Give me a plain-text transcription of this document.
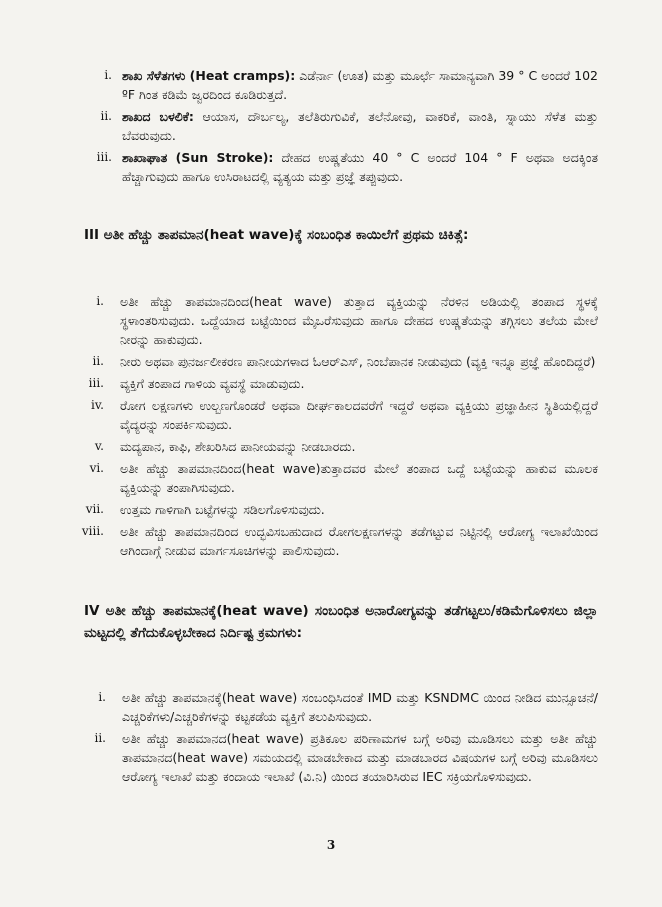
i. ಶಾಖ ಸೆಳೆತಗಳು (Heat cramps): ಎಡೆರ್ನಾ (ಊತ) ಮತ್ತು ಮೂರ್ಛೆ ಸಾಮಾನ್ಯವಾಗಿ 39 ° C ಅಂದರೆ 102 ºF ಗಿಂತ ಕಡಿಮೆ ಜ್ವರದಿಂದ ಕೂಡಿರುತ್ತದೆ.
ii. ಶಾಖದ ಬಳಲಿಕೆ: ಆಯಾಸ, ದೌರ್ಬಲ್ಯ, ತಲೆತಿರುಗುವಿಕೆ, ತಲೆನೋವು, ವಾಕರಿಕೆ, ವಾಂತಿ, ಸ್ನಾಯು ಸೆಳೆತ ಮತ್ತು ಬೆವರುವುದು.
iii. ಶಾಖಾಘಾತ (Sun Stroke): ದೇಹದ ಉಷ್ಣತೆಯು 40 ° C ಅಂದರೆ 104 ° F ಅಥವಾ ಅದಕ್ಕಿಂತ ಹೆಚ್ಚಾಗುವುದು ಹಾಗೂ ಉಸಿರಾಟದಲ್ಲಿ ವ್ಯತ್ಯಯ ಮತ್ತು ಪ್ರಜ್ಞೆ ತಪ್ಪುವುದು.
III ಅತೀ ಹೆಚ್ಚು ತಾಪಮಾನ(heat wave)ಕ್ಕೆ ಸಂಬಂಧಿತ ಕಾಯಿಲೆಗೆ ಪ್ರಥಮ ಚಿಕಿತ್ಸೆ:
i. ಅತೀ ಹೆಚ್ಚು ತಾಪಮಾನದಿಂದ(heat wave) ತುತ್ತಾದ ವ್ಯಕ್ತಿಯನ್ನು ನೆರಳಿನ ಅಡಿಯಲ್ಲಿ ತಂಪಾದ ಸ್ಥಳಕ್ಕೆ ಸ್ಥಳಾಂತರಿಸುವುದು. ಒದ್ದೆಯಾದ ಬಟ್ಟೆಯಿಂದ ಮೈಒರೆಸುವುದು ಹಾಗೂ ದೇಹದ ಉಷ್ಣತೆಯನ್ನು ತಗ್ಗಿಸಲು ತಲೆಯ ಮೇಲೆ ನೀರನ್ನು ಹಾಕುವುದು.
ii. ನೀರು ಅಥವಾ ಪುನರ್ಜಲೀಕರಣ ಪಾನೀಯಗಳಾದ ಓಆರ್‌ಎಸ್, ನಿಂಬೆಪಾನಕ ನೀಡುವುದು (ವ್ಯಕ್ತಿ ಇನ್ನೂ ಪ್ರಜ್ಞೆ ಹೊಂದಿದ್ದರೆ)
iii. ವ್ಯಕ್ತಿಗೆ ತಂಪಾದ ಗಾಳಿಯ ವ್ಯವಸ್ಥೆ ಮಾಡುವುದು.
iv. ರೋಗ ಲಕ್ಷಣಗಳು ಉಲ್ಬಣಗೊಂಡರೆ ಅಥವಾ ದೀರ್ಘಕಾಲದವರೆಗೆ ಇದ್ದರೆ ಅಥವಾ ವ್ಯಕ್ತಿಯು ಪ್ರಜ್ಞಾಹೀನ ಸ್ಥಿತಿಯಲ್ಲಿದ್ದರೆ ವೈದ್ಯರನ್ನು ಸಂಪರ್ಕಿಸುವುದು.
v. ಮದ್ಯಪಾನ, ಕಾಫಿ, ಶೇಖರಿಸಿದ ಪಾನೀಯವನ್ನು ನೀಡಬಾರದು.
vi. ಅತೀ ಹೆಚ್ಚು ತಾಪಮಾನದಿಂದ(heat wave)ತುತ್ತಾದವರ ಮೇಲೆ ತಂಪಾದ ಒದ್ದೆ ಬಟ್ಟೆಯನ್ನು ಹಾಕುವ ಮೂಲಕ ವ್ಯಕ್ತಿಯನ್ನು ತಂಪಾಗಿಸುವುದು.
vii. ಉತ್ತಮ ಗಾಳಿಗಾಗಿ ಬಟ್ಟೆಗಳನ್ನು ಸಡಿಲಗೊಳಿಸುವುದು.
viii. ಅತೀ ಹೆಚ್ಚು ತಾಪಮಾನದಿಂದ ಉದ್ಭವಿಸಬಹುದಾದ ರೋಗಲಕ್ಷಣಗಳನ್ನು ತಡೆಗಟ್ಟುವ ನಿಟ್ಟಿನಲ್ಲಿ ಆರೋಗ್ಯ ಇಲಾಖೆಯಿಂದ ಆಗಿಂದಾಗ್ಗೆ ನೀಡುವ ಮಾರ್ಗಸೂಚಿಗಳನ್ನು ಪಾಲಿಸುವುದು.
IV ಅತೀ ಹೆಚ್ಚು ತಾಪಮಾನಕ್ಕೆ(heat wave) ಸಂಬಂಧಿತ ಅನಾರೋಗ್ಯವನ್ನು ತಡೆಗಟ್ಟಲು/ಕಡಿಮೆಗೊಳಿಸಲು ಜಿಲ್ಲಾ ಮಟ್ಟದಲ್ಲಿ ತೆಗೆದುಕೊಳ್ಳಬೇಕಾದ ನಿರ್ದಿಷ್ಟ ಕ್ರಮಗಳು:
i. ಅತೀ ಹೆಚ್ಚು ತಾಪಮಾನಕ್ಕೆ(heat wave) ಸಂಬಂಧಿಸಿದಂತೆ IMD ಮತ್ತು KSNDMC ಯಿಂದ ನೀಡಿದ ಮುನ್ಸೂಚನೆ/ ಎಚ್ಚರಿಕೆಗಳು/ಎಚ್ಚರಿಕೆಗಳನ್ನು ಕಟ್ಟಕಡೆಯ ವ್ಯಕ್ತಿಗೆ ತಲುಪಿಸುವುದು.
ii. ಅತೀ ಹೆಚ್ಚು ತಾಪಮಾನದ(heat wave) ಪ್ರತಿಕೂಲ ಪರಿಣಾಮಗಳ ಬಗ್ಗೆ ಅರಿವು ಮೂಡಿಸಲು ಮತ್ತು ಅತೀ ಹೆಚ್ಚು ತಾಪಮಾನದ(heat wave) ಸಮಯದಲ್ಲಿ ಮಾಡಬೇಕಾದ ಮತ್ತು ಮಾಡಬಾರದ ವಿಷಯಗಳ ಬಗ್ಗೆ ಅರಿವು ಮೂಡಿಸಲು ಆರೋಗ್ಯ ಇಲಾಖೆ ಮತ್ತು ಕಂದಾಯ ಇಲಾಖೆ (ವಿ.ನಿ) ಯಿಂದ ತಯಾರಿಸಿರುವ IEC ಸಕ್ರಿಯಗೊಳಿಸುವುದು.
3
